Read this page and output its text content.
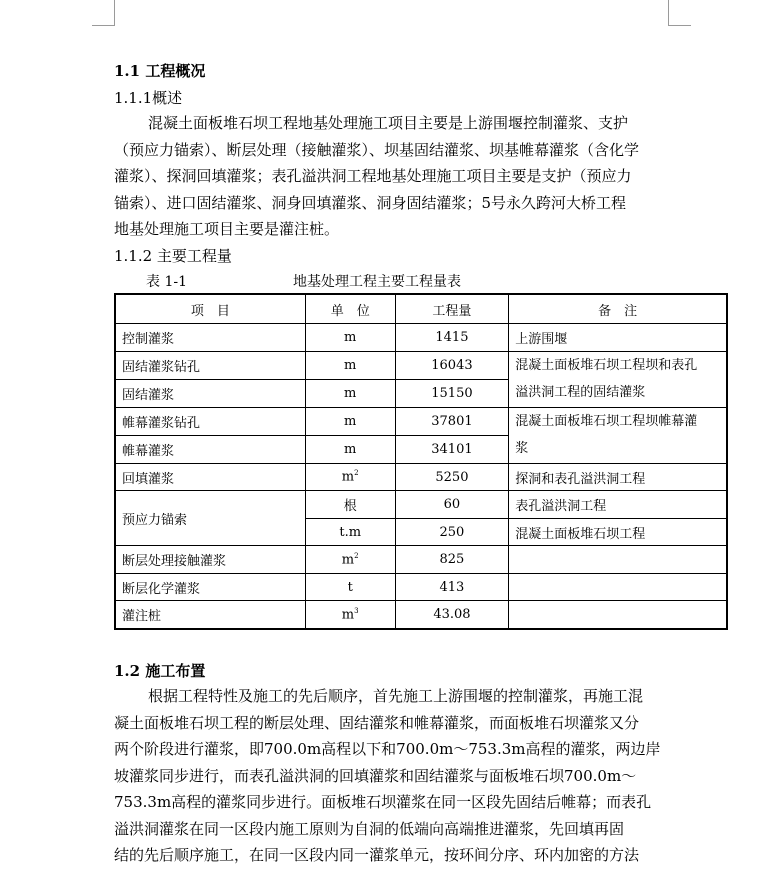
1.1 工程概况
1.1.1概述
混凝土面板堆石坝工程地基处理施工项目主要是上游围堰控制灌浆、支护
（预应力锚索）、断层处理（接触灌浆）、坝基固结灌浆、坝基帷幕灌浆（含化学
灌浆）、探洞回填灌浆；表孔溢洪洞工程地基处理施工项目主要是支护（预应力
锚索）、进口固结灌浆、洞身回填灌浆、洞身固结灌浆；5号永久跨河大桥工程
地基处理施工项目主要是灌注桩。
1.1.2 主要工程量
表 1-1	地基处理工程主要工程量表
项　目	单　位	工程量	备　注
控制灌浆	m	1415	上游围堰
固结灌浆钻孔	m	16043	混凝土面板堆石坝工程坝和表孔
溢洪洞工程的固结灌浆

固结灌浆	m	15150	
帷幕灌浆钻孔	m	37801	混凝土面板堆石坝工程坝帷幕灌
浆

帷幕灌浆	m	34101	
回填灌浆	$m^2$	5250	探洞和表孔溢洪洞工程
预应力锚索	根	60	表孔溢洪洞工程
	t.m	250	混凝土面板堆石坝工程
断层处理接触灌浆	$m^2$	825	
断层化学灌浆	t	413	
灌注桩	$m^3$	43.08	
1.2 施工布置
根据工程特性及施工的先后顺序，首先施工上游围堰的控制灌浆，再施工混
凝土面板堆石坝工程的断层处理、固结灌浆和帷幕灌浆，而面板堆石坝灌浆又分
两个阶段进行灌浆，即700.0m高程以下和700.0m～753.3m高程的灌浆，两边岸
坡灌浆同步进行，而表孔溢洪洞的回填灌浆和固结灌浆与面板堆石坝700.0m～
753.3m高程的灌浆同步进行。面板堆石坝灌浆在同一区段先固结后帷幕；而表孔
溢洪洞灌浆在同一区段内施工原则为自洞的低端向高端推进灌浆，先回填再固
结的先后顺序施工，在同一区段内同一灌浆单元，按环间分序、环内加密的方法
